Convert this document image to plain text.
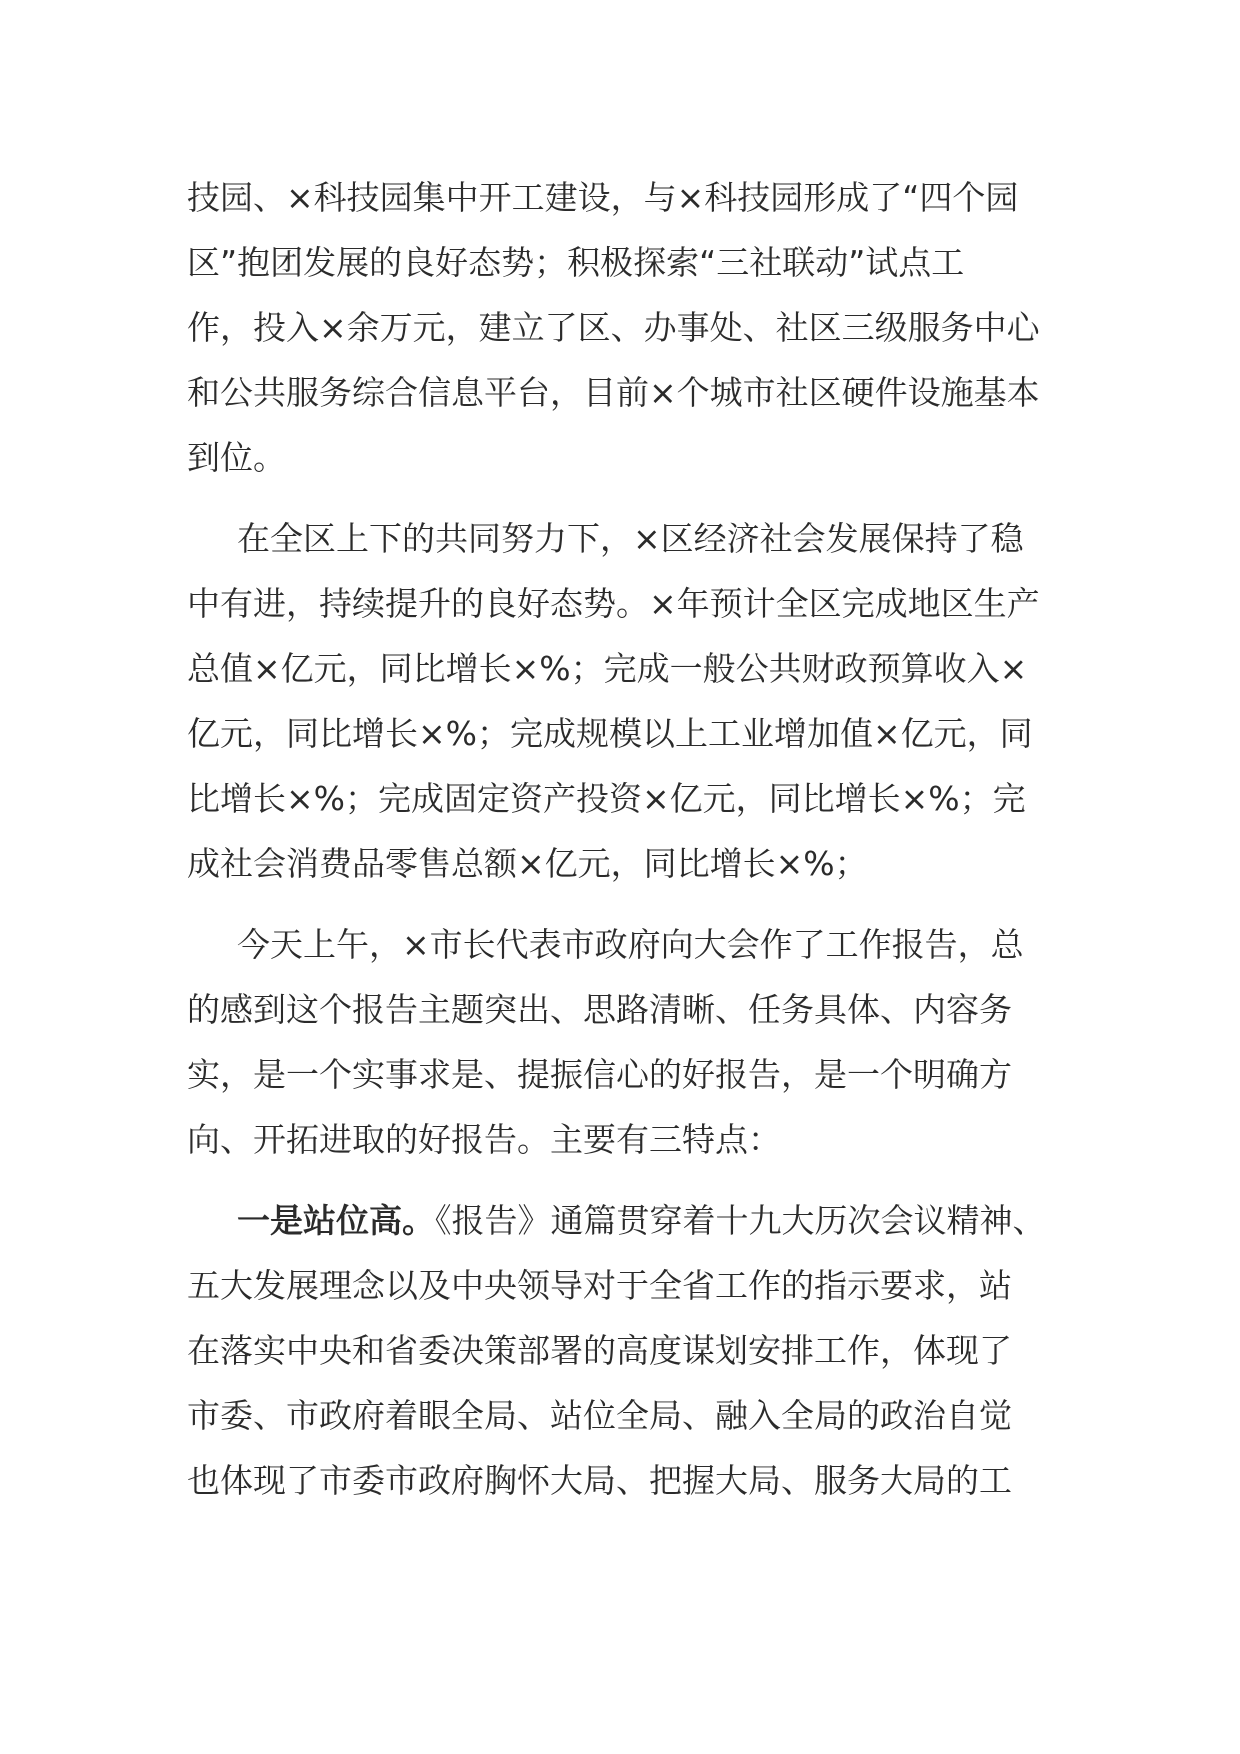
技园、×科技园集中开工建设，与×科技园形成了“四个园
区”抱团发展的良好态势；积极探索“三社联动”试点工
作，投入×余万元，建立了区、办事处、社区三级服务中心
和公共服务综合信息平台，目前×个城市社区硬件设施基本
到位。
在全区上下的共同努力下，×区经济社会发展保持了稳
中有进，持续提升的良好态势。×年预计全区完成地区生产
总值×亿元，同比增长×%；完成一般公共财政预算收入×
亿元，同比增长×%；完成规模以上工业增加值×亿元，同
比增长×%；完成固定资产投资×亿元，同比增长×%；完
成社会消费品零售总额×亿元，同比增长×%；
今天上午，×市长代表市政府向大会作了工作报告，总
的感到这个报告主题突出、思路清晰、任务具体、内容务
实，是一个实事求是、提振信心的好报告，是一个明确方
向、开拓进取的好报告。主要有三特点：
一是站位高。《报告》通篇贯穿着十九大历次会议精神、
五大发展理念以及中央领导对于全省工作的指示要求，站
在落实中央和省委决策部署的高度谋划安排工作，体现了
市委、市政府着眼全局、站位全局、融入全局的政治自觉
也体现了市委市政府胸怀大局、把握大局、服务大局的工
